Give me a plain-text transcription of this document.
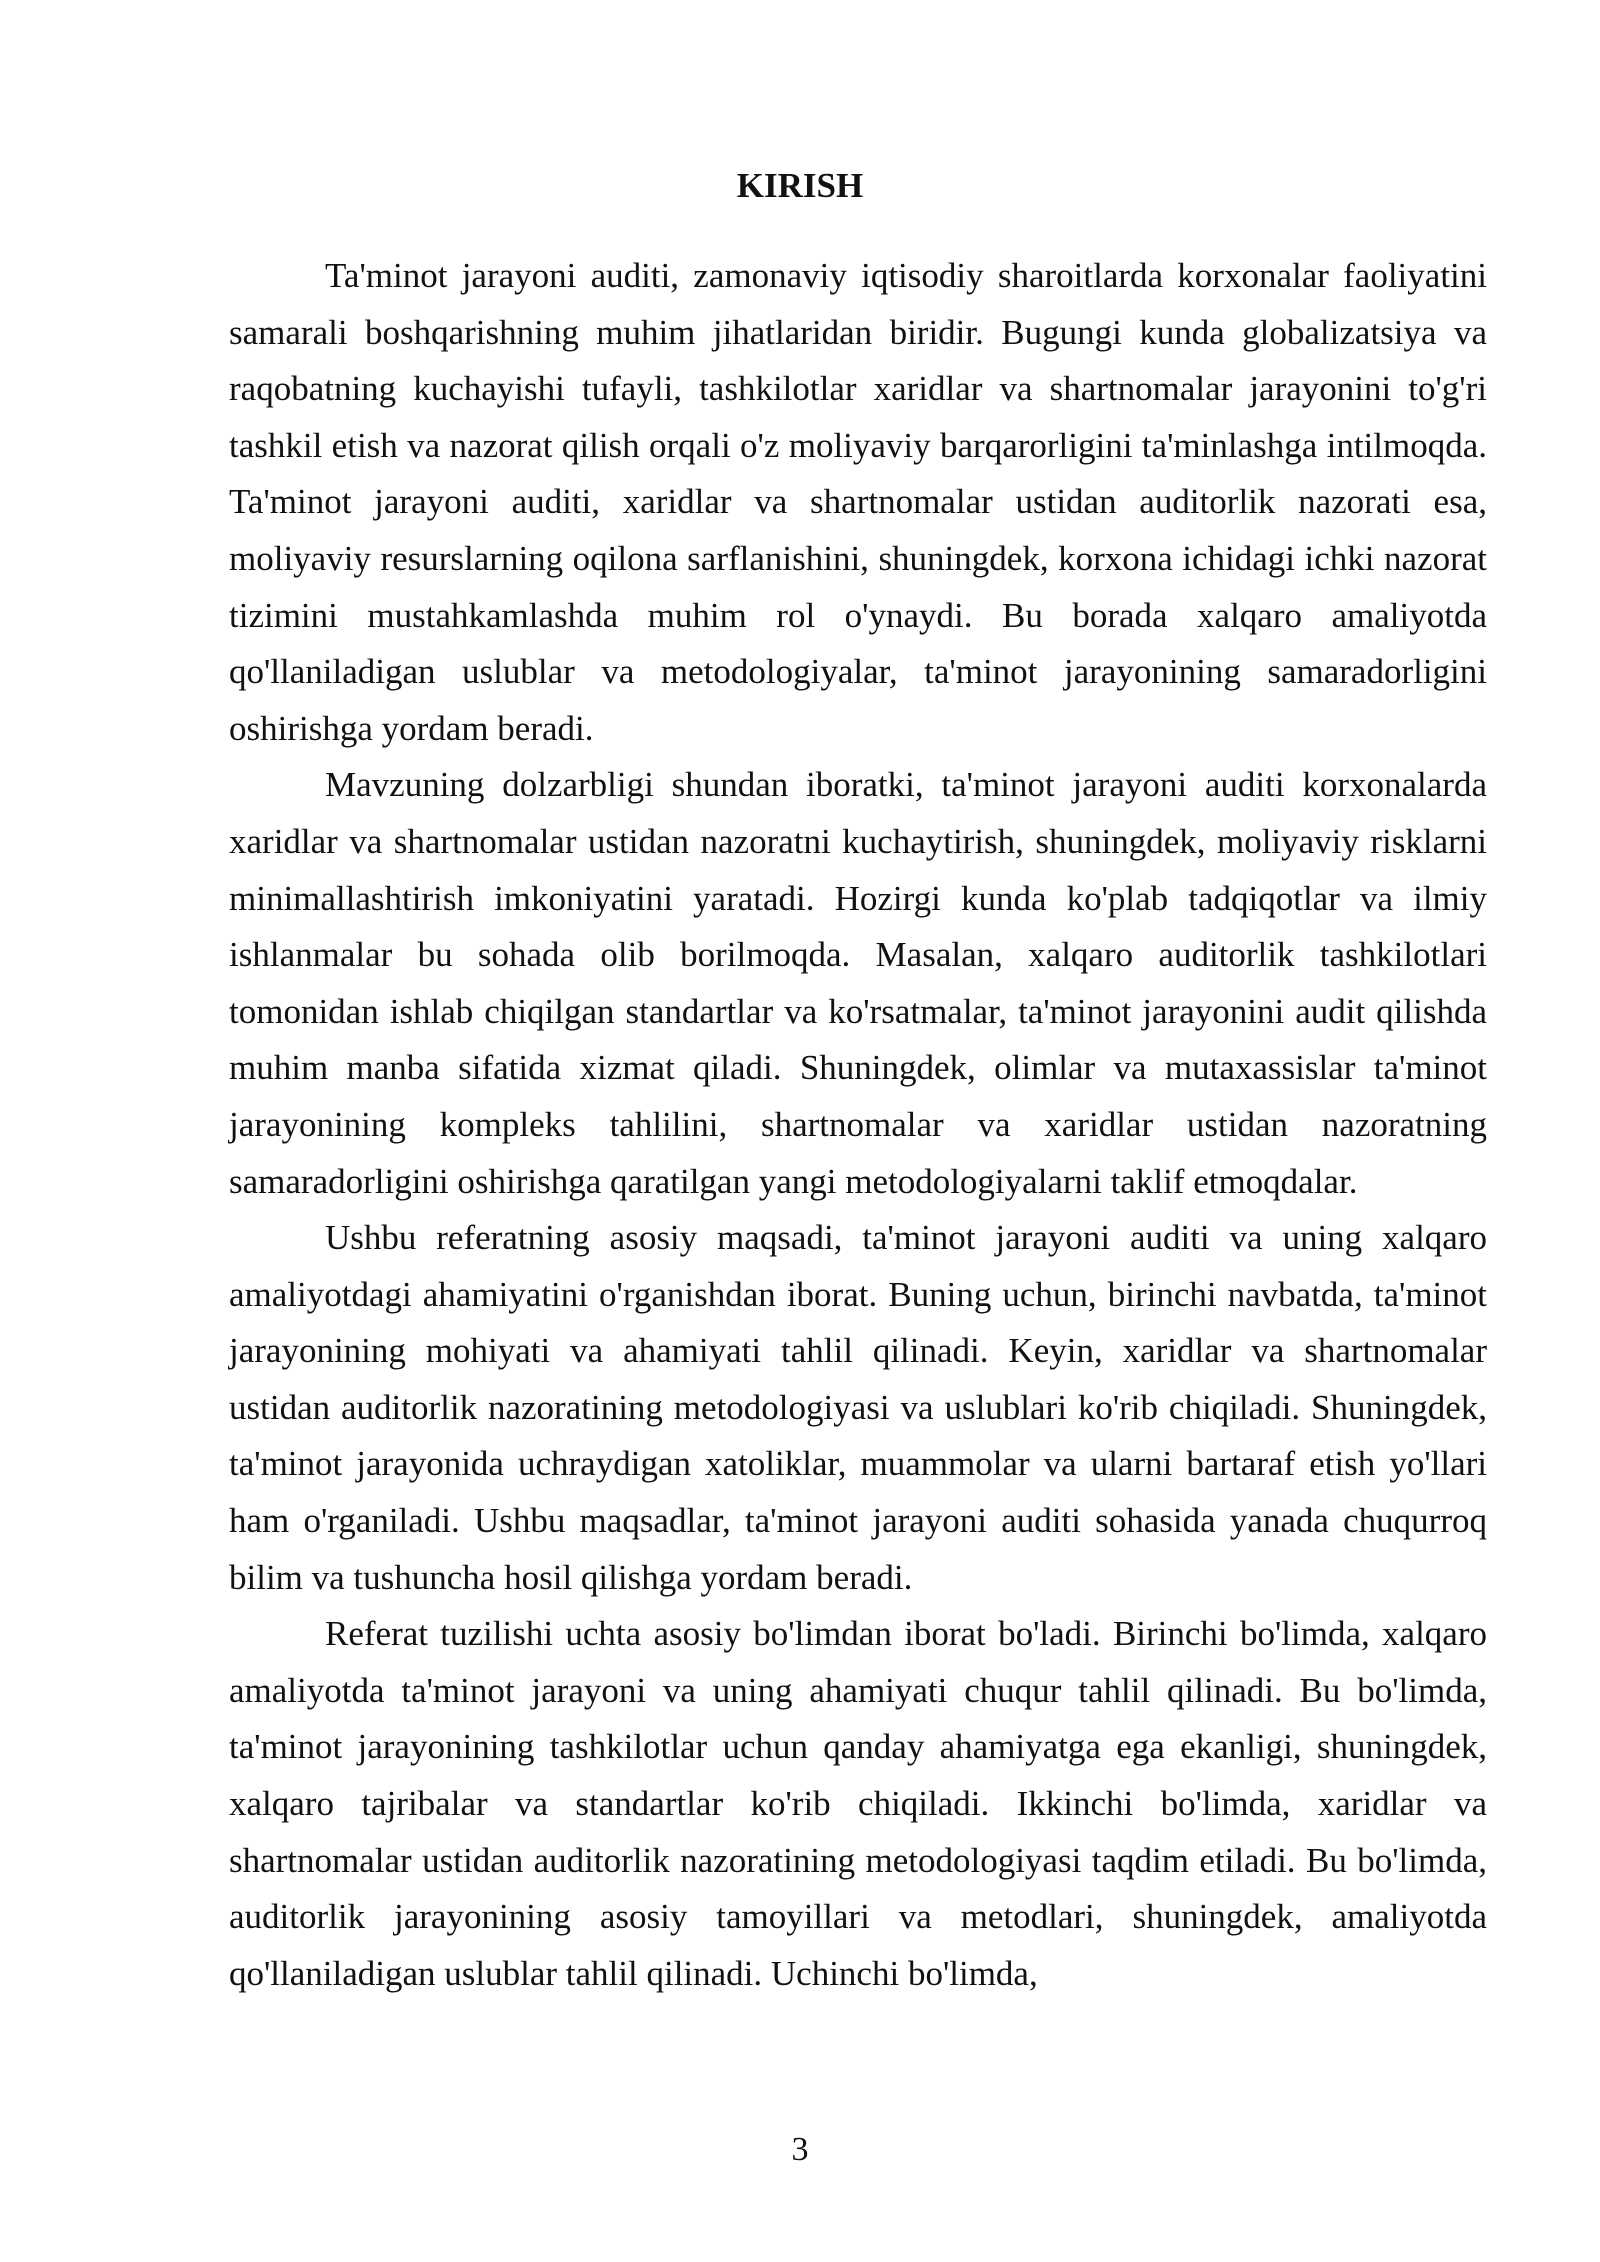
KIRISH

Ta'minot jarayoni auditi, zamonaviy iqtisodiy sharoitlarda korxonalar faoliyatini samarali boshqarishning muhim jihatlaridan biridir. Bugungi kunda globalizatsiya va raqobatning kuchayishi tufayli, tashkilotlar xaridlar va shartnomalar jarayonini to'g'ri tashkil etish va nazorat qilish orqali o'z moliyaviy barqarorligini ta'minlashga intilmoqda. Ta'minot jarayoni auditi, xaridlar va shartnomalar ustidan auditorlik nazorati esa, moliyaviy resurslarning oqilona sarflanishini, shuningdek, korxona ichidagi ichki nazorat tizimini mustahkamlashda muhim rol o'ynaydi. Bu borada xalqaro amaliyotda qo'llaniladigan uslublar va metodologiyalar, ta'minot jarayonining samaradorligini oshirishga yordam beradi.

Mavzuning dolzarbligi shundan iboratki, ta'minot jarayoni auditi korxonalarda xaridlar va shartnomalar ustidan nazoratni kuchaytirish, shuningdek, moliyaviy risklarni minimallashtirish imkoniyatini yaratadi. Hozirgi kunda ko'plab tadqiqotlar va ilmiy ishlanmalar bu sohada olib borilmoqda. Masalan, xalqaro auditorlik tashkilotlari tomonidan ishlab chiqilgan standartlar va ko'rsatmalar, ta'minot jarayonini audit qilishda muhim manba sifatida xizmat qiladi. Shuningdek, olimlar va mutaxassislar ta'minot jarayonining kompleks tahlilini, shartnomalar va xaridlar ustidan nazoratning samaradorligini oshirishga qaratilgan yangi metodologiyalarni taklif etmoqdalar.

Ushbu referatning asosiy maqsadi, ta'minot jarayoni auditi va uning xalqaro amaliyotdagi ahamiyatini o'rganishdan iborat. Buning uchun, birinchi navbatda, ta'minot jarayonining mohiyati va ahamiyati tahlil qilinadi. Keyin, xaridlar va shartnomalar ustidan auditorlik nazoratining metodologiyasi va uslublari ko'rib chiqiladi. Shuningdek, ta'minot jarayonida uchraydigan xatoliklar, muammolar va ularni bartaraf etish yo'llari ham o'rganiladi. Ushbu maqsadlar, ta'minot jarayoni auditi sohasida yanada chuqurroq bilim va tushuncha hosil qilishga yordam beradi.

Referat tuzilishi uchta asosiy bo'limdan iborat bo'ladi. Birinchi bo'limda, xalqaro amaliyotda ta'minot jarayoni va uning ahamiyati chuqur tahlil qilinadi. Bu bo'limda, ta'minot jarayonining tashkilotlar uchun qanday ahamiyatga ega ekanligi, shuningdek, xalqaro tajribalar va standartlar ko'rib chiqiladi. Ikkinchi bo'limda, xaridlar va shartnomalar ustidan auditorlik nazoratining metodologiyasi taqdim etiladi. Bu bo'limda, auditorlik jarayonining asosiy tamoyillari va metodlari, shuningdek, amaliyotda qo'llaniladigan uslublar tahlil qilinadi. Uchinchi bo'limda,

3
